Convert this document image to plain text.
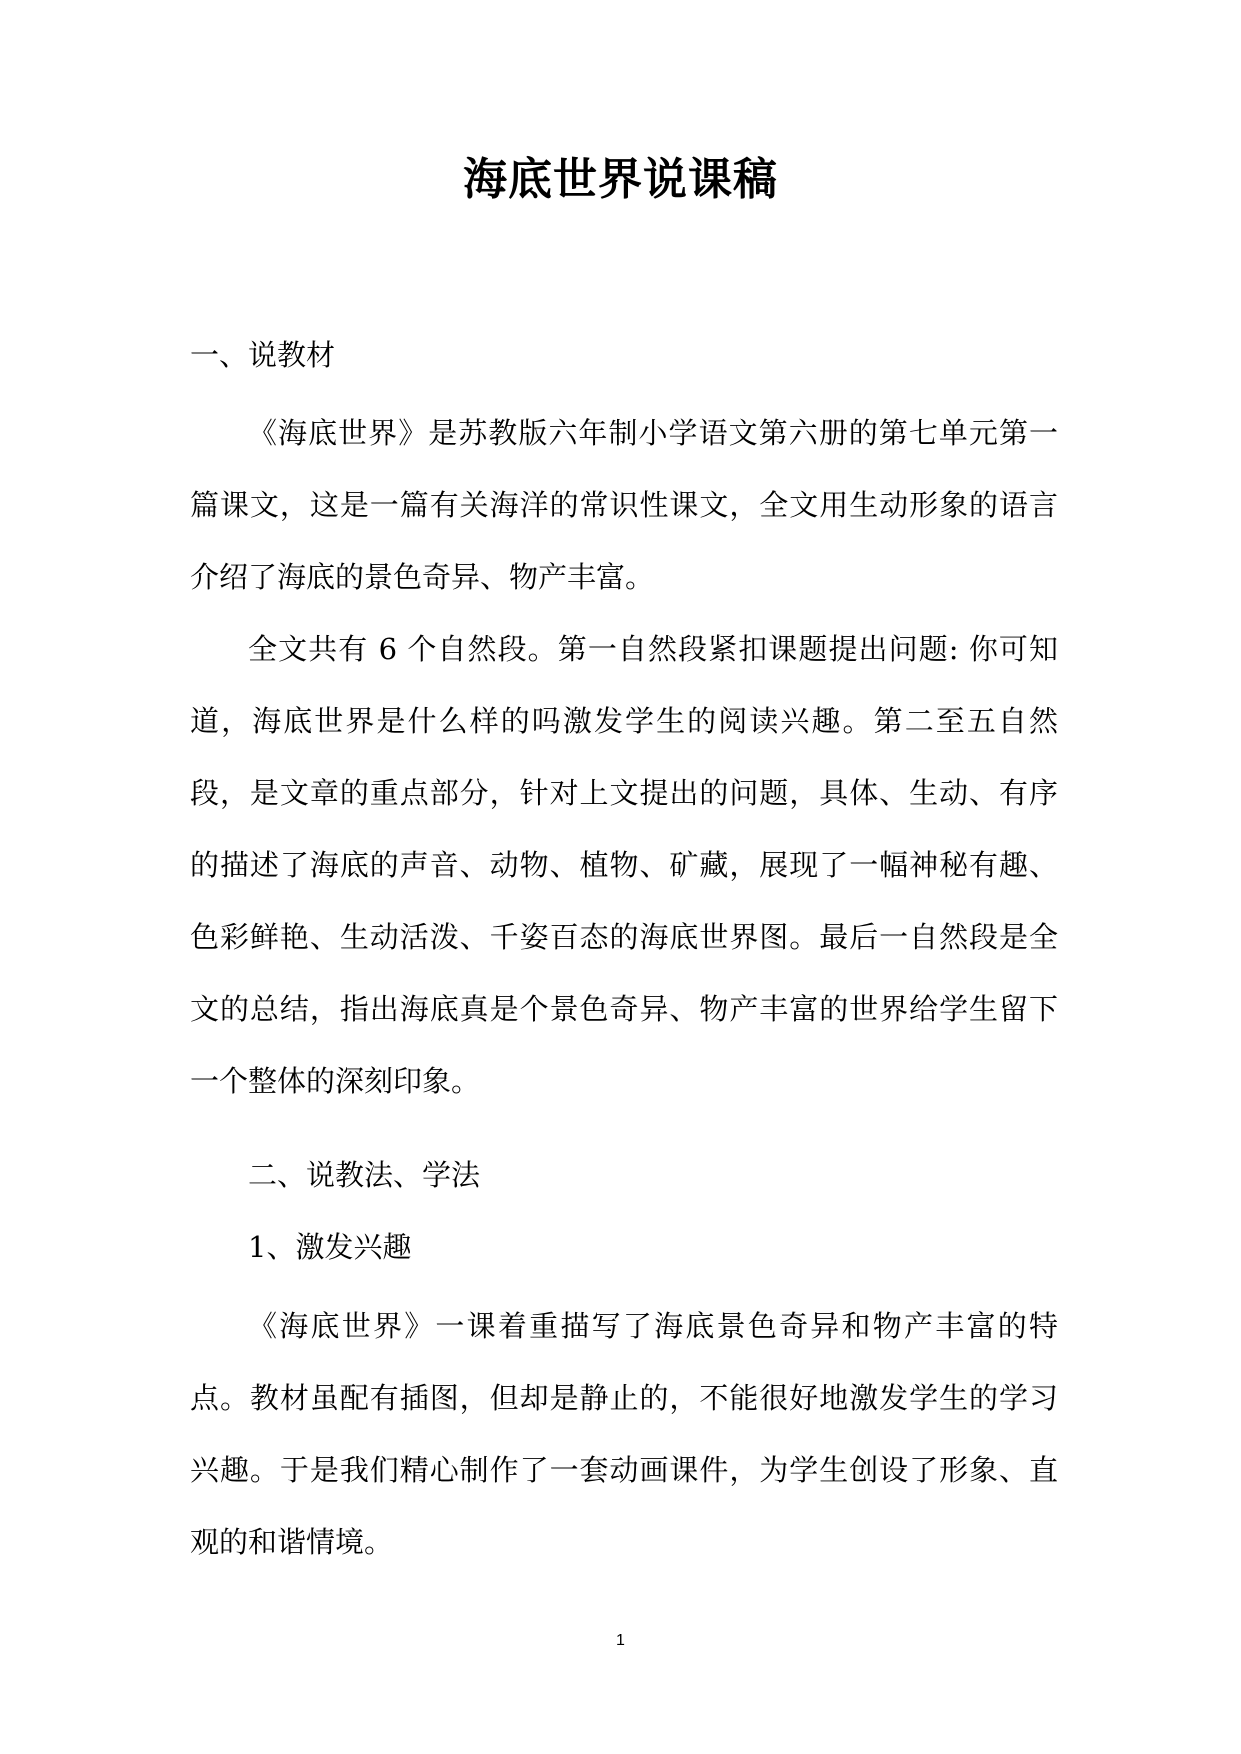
海底世界说课稿
一、说教材

《海底世界》是苏教版六年制小学语文第六册的第七单元第一篇课文，这是一篇有关海洋的常识性课文，全文用生动形象的语言介绍了海底的景色奇异、物产丰富。

全文共有 6 个自然段。第一自然段紧扣课题提出问题: 你可知道，海底世界是什么样的吗激发学生的阅读兴趣。第二至五自然段，是文章的重点部分，针对上文提出的问题，具体、生动、有序的描述了海底的声音、动物、植物、矿藏，展现了一幅神秘有趣、色彩鲜艳、生动活泼、千姿百态的海底世界图。最后一自然段是全文的总结，指出海底真是个景色奇异、物产丰富的世界给学生留下一个整体的深刻印象。

二、说教法、学法
1、激发兴趣

《海底世界》一课着重描写了海底景色奇异和物产丰富的特点。教材虽配有插图，但却是静止的，不能很好地激发学生的学习兴趣。于是我们精心制作了一套动画课件，为学生创设了形象、直观的和谐情境。

1
